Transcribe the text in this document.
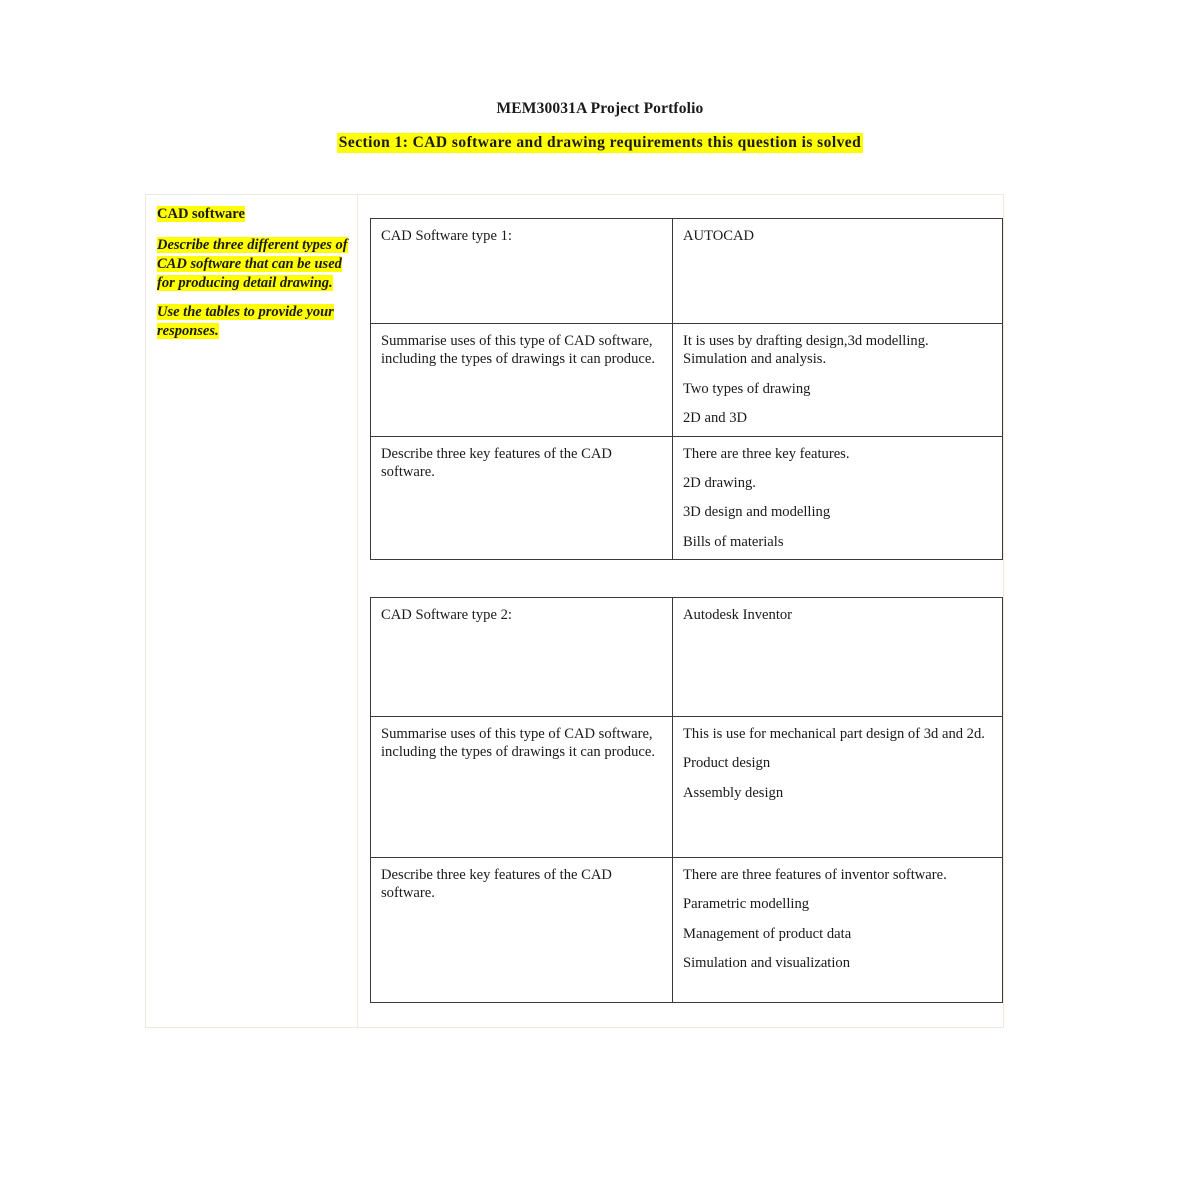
MEM30031A Project Portfolio
Section 1: CAD software and drawing requirements this question is solved

CAD software

Describe three different types of CAD software that can be used for producing detail drawing.

Use the tables to provide your responses.

CAD Software type 1:	AUTOCAD

Summarise uses of this type of CAD software, including the types of drawings it can produce.	It is uses by drafting design,3d modelling. Simulation and analysis.

Two types of drawing

2D and 3D

Describe three key features of the CAD software.	There are three key features.

2D drawing.

3D design and modelling

Bills of materials

CAD Software type 2:	Autodesk Inventor

Summarise uses of this type of CAD software, including the types of drawings it can produce.	This is use for mechanical part design of 3d and 2d.

Product design

Assembly design

Describe three key features of the CAD software.	There are three features of inventor software.

Parametric modelling

Management of product data

Simulation and visualization
